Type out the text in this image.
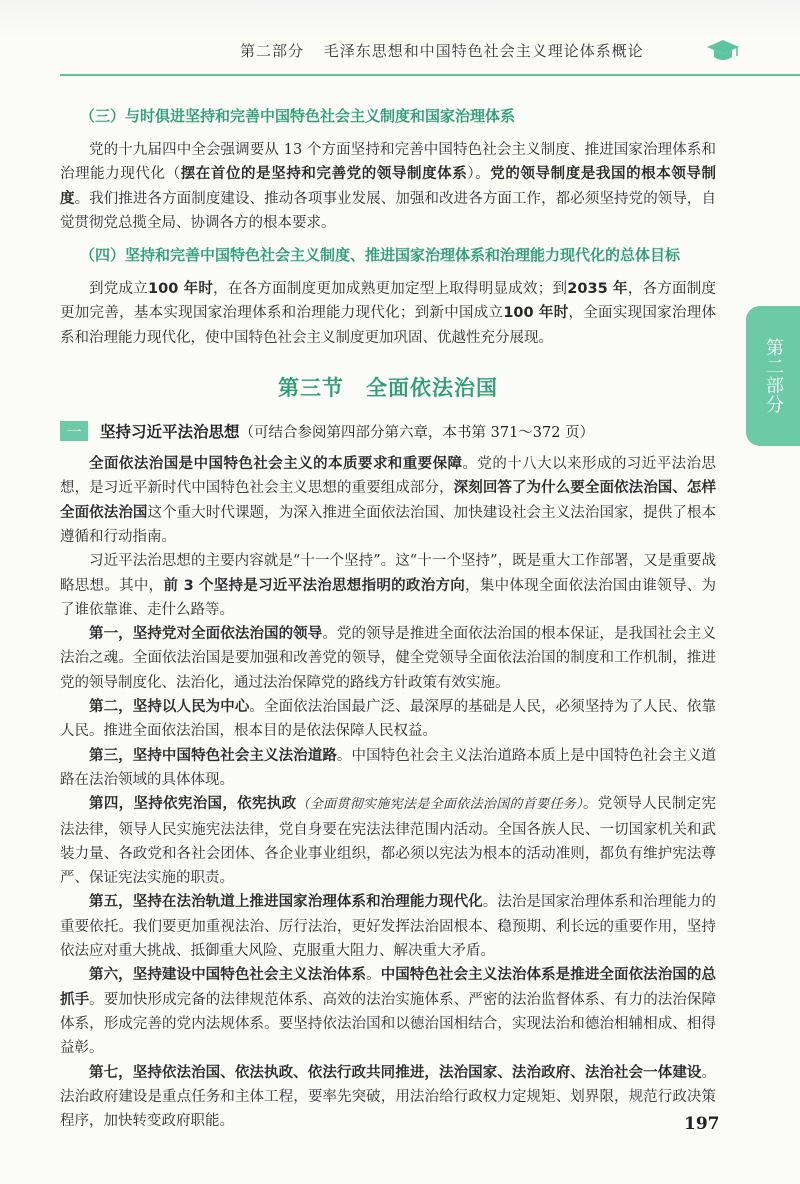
第二部分 毛泽东思想和中国特色社会主义理论体系概论
第二部分
（三）与时俱进坚持和完善中国特色社会主义制度和国家治理体系

党的十九届四中全会强调要从 13 个方面坚持和完善中国特色社会主义制度、推进国家治理体系和治理能力现代化（摆在首位的是坚持和完善党的领导制度体系）。党的领导制度是我国的根本领导制度。我们推进各方面制度建设、推动各项事业发展、加强和改进各方面工作，都必须坚持党的领导，自觉贯彻党总揽全局、协调各方的根本要求。

（四）坚持和完善中国特色社会主义制度、推进国家治理体系和治理能力现代化的总体目标

到党成立100 年时，在各方面制度更加成熟更加定型上取得明显成效；到2035 年，各方面制度更加完善，基本实现国家治理体系和治理能力现代化；到新中国成立100 年时，全面实现国家治理体系和治理能力现代化，使中国特色社会主义制度更加巩固、优越性充分展现。

第三节 全面依法治国
一	坚持习近平法治思想 （可结合参阅第四部分第六章，本书第 371～372 页）

全面依法治国是中国特色社会主义的本质要求和重要保障。党的十八大以来形成的习近平法治思想，是习近平新时代中国特色社会主义思想的重要组成部分，深刻回答了为什么要全面依法治国、怎样全面依法治国这个重大时代课题，为深入推进全面依法治国、加快建设社会主义法治国家，提供了根本遵循和行动指南。

习近平法治思想的主要内容就是“十一个坚持”。这“十一个坚持”，既是重大工作部署，又是重要战略思想。其中，前 3 个坚持是习近平法治思想指明的政治方向，集中体现全面依法治国由谁领导、为了谁依靠谁、走什么路等。

第一，坚持党对全面依法治国的领导。党的领导是推进全面依法治国的根本保证，是我国社会主义法治之魂。全面依法治国是要加强和改善党的领导，健全党领导全面依法治国的制度和工作机制，推进党的领导制度化、法治化，通过法治保障党的路线方针政策有效实施。

第二，坚持以人民为中心。全面依法治国最广泛、最深厚的基础是人民，必须坚持为了人民、依靠人民。推进全面依法治国，根本目的是依法保障人民权益。

第三，坚持中国特色社会主义法治道路。中国特色社会主义法治道路本质上是中国特色社会主义道路在法治领域的具体体现。

第四，坚持依宪治国，依宪执政（全面贯彻实施宪法是全面依法治国的首要任务）。党领导人民制定宪法法律，领导人民实施宪法法律，党自身要在宪法法律范围内活动。全国各族人民、一切国家机关和武装力量、各政党和各社会团体、各企业事业组织，都必须以宪法为根本的活动准则，都负有维护宪法尊严、保证宪法实施的职责。

第五，坚持在法治轨道上推进国家治理体系和治理能力现代化。法治是国家治理体系和治理能力的重要依托。我们要更加重视法治、厉行法治，更好发挥法治固根本、稳预期、利长远的重要作用，坚持依法应对重大挑战、抵御重大风险、克服重大阻力、解决重大矛盾。

第六，坚持建设中国特色社会主义法治体系。中国特色社会主义法治体系是推进全面依法治国的总抓手。要加快形成完备的法律规范体系、高效的法治实施体系、严密的法治监督体系、有力的法治保障体系，形成完善的党内法规体系。要坚持依法治国和以德治国相结合，实现法治和德治相辅相成、相得益彰。

第七，坚持依法治国、依法执政、依法行政共同推进，法治国家、法治政府、法治社会一体建设。法治政府建设是重点任务和主体工程，要率先突破，用法治给行政权力定规矩、划界限，规范行政决策程序，加快转变政府职能。	197
